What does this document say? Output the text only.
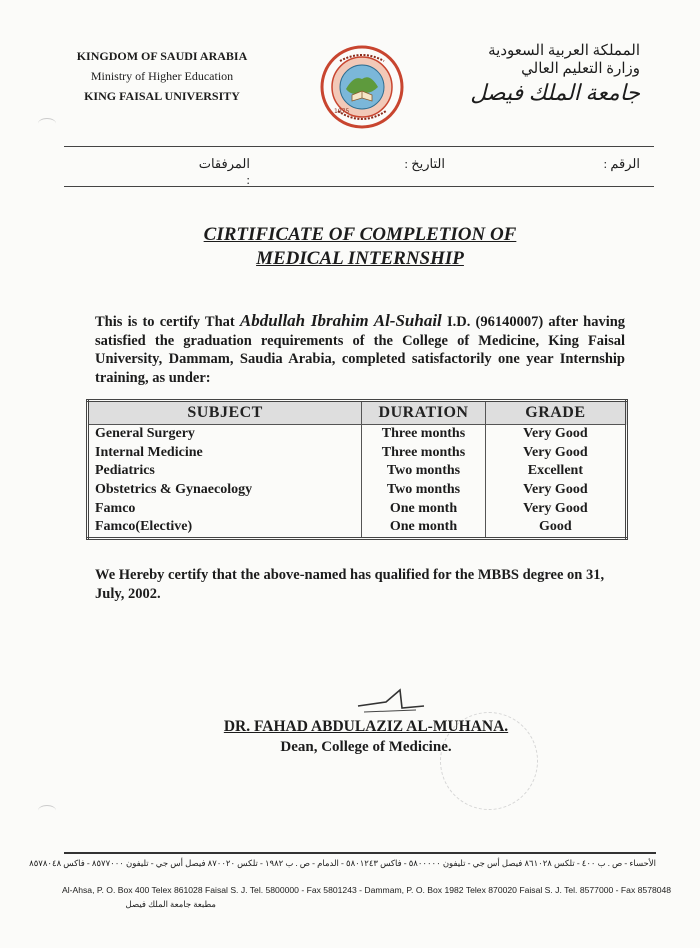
KINGDOM OF SAUDI ARABIA
Ministry of Higher Education
KING FAISAL UNIVERSITY
1975
المملكة العربية السعودية
وزارة التعليم العالي
جامعة الملك فيصل
الرقم :
التاريخ :
المرفقات :
CIRTIFICATE OF COMPLETION OF
MEDICAL INTERNSHIP
This is to certify That Abdullah Ibrahim Al-Suhail I.D. (96140007) after having satisfied the graduation requirements of the College of Medicine, King Faisal University, Dammam, Saudia Arabia, completed satisfactorily one year Internship training, as under:
SUBJECT	DURATION	GRADE
General Surgery	Three months	Very Good
Internal Medicine	Three months	Very Good
Pediatrics	Two months	Excellent
Obstetrics & Gynaecology	Two months	Very Good
Famco	One month	Very Good
Famco(Elective)	One month	Good
We Hereby certify that the above-named has qualified for the MBBS degree on 31, July, 2002.
DR. FAHAD ABDULAZIZ AL-MUHANA.
Dean, College of Medicine.
الأحساء - ص . ب ٤٠٠ - تلكس ٨٦١٠٢٨ فيصل أس جي - تليفون ٥٨٠٠٠٠٠ - فاكس ٥٨٠١٢٤٣ - الدمام - ص . ب ١٩٨٢ - تلكس ٨٧٠٠٢٠ فيصل أس جي - تليفون ٨٥٧٧٠٠٠ - فاكس ٨٥٧٨٠٤٨
Al-Ahsa, P. O. Box 400 Telex 861028 Faisal S. J. Tel. 5800000 - Fax 5801243 - Dammam, P. O. Box 1982 Telex 870020 Faisal S. J. Tel. 8577000 - Fax 8578048
مطبعة جامعة الملك فيصل
